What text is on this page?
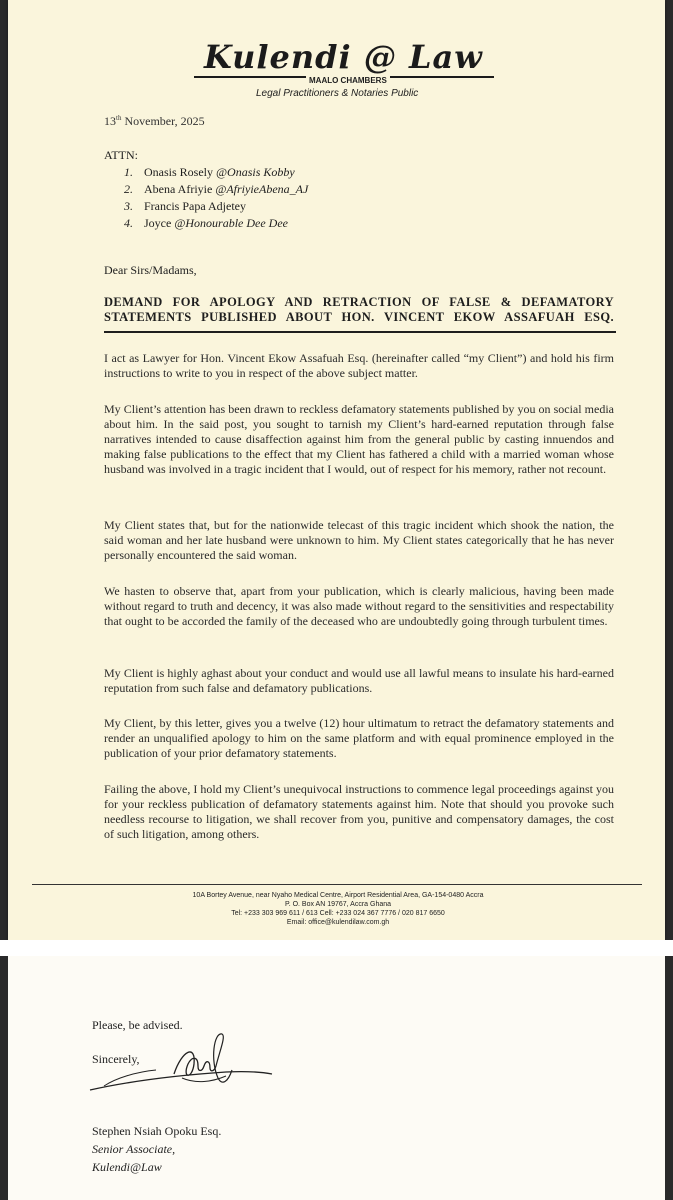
Kulendi @ Law
MAALO CHAMBERS
Legal Practitioners & Notaries Public
13th November, 2025
ATTN:
1. Onasis Rosely @Onasis Kobby
2. Abena Afriyie @AfriyieAbena_AJ
3. Francis Papa Adjetey
4. Joyce @Honourable Dee Dee
Dear Sirs/Madams,
DEMAND FOR APOLOGY AND RETRACTION OF FALSE & DEFAMATORY STATEMENTS PUBLISHED ABOUT HON. VINCENT EKOW ASSAFUAH ESQ.
I act as Lawyer for Hon. Vincent Ekow Assafuah Esq. (hereinafter called “my Client”) and hold his firm instructions to write to you in respect of the above subject matter.
My Client’s attention has been drawn to reckless defamatory statements published by you on social media about him. In the said post, you sought to tarnish my Client’s hard-earned reputation through false narratives intended to cause disaffection against him from the general public by casting innuendos and making false publications to the effect that my Client has fathered a child with a married woman whose husband was involved in a tragic incident that I would, out of respect for his memory, rather not recount.
My Client states that, but for the nationwide telecast of this tragic incident which shook the nation, the said woman and her late husband were unknown to him. My Client states categorically that he has never personally encountered the said woman.
We hasten to observe that, apart from your publication, which is clearly malicious, having been made without regard to truth and decency, it was also made without regard to the sensitivities and respectability that ought to be accorded the family of the deceased who are undoubtedly going through turbulent times.
My Client is highly aghast about your conduct and would use all lawful means to insulate his hard-earned reputation from such false and defamatory publications.
My Client, by this letter, gives you a twelve (12) hour ultimatum to retract the defamatory statements and render an unqualified apology to him on the same platform and with equal prominence employed in the publication of your prior defamatory statements.
Failing the above, I hold my Client’s unequivocal instructions to commence legal proceedings against you for your reckless publication of defamatory statements against him. Note that should you provoke such needless recourse to litigation, we shall recover from you, punitive and compensatory damages, the cost of such litigation, among others.
10A Bortey Avenue, near Nyaho Medical Centre, Airport Residential Area, GA-154-0480 Accra
P. O. Box AN 19767, Accra Ghana
Tel: +233 303 969 611 / 613 Cell: +233 024 367 7776 / 020 817 6650
Email: office@kulendilaw.com.gh
Please, be advised.
Sincerely,
Stephen Nsiah Opoku Esq.
Senior Associate,
Kulendi@Law
